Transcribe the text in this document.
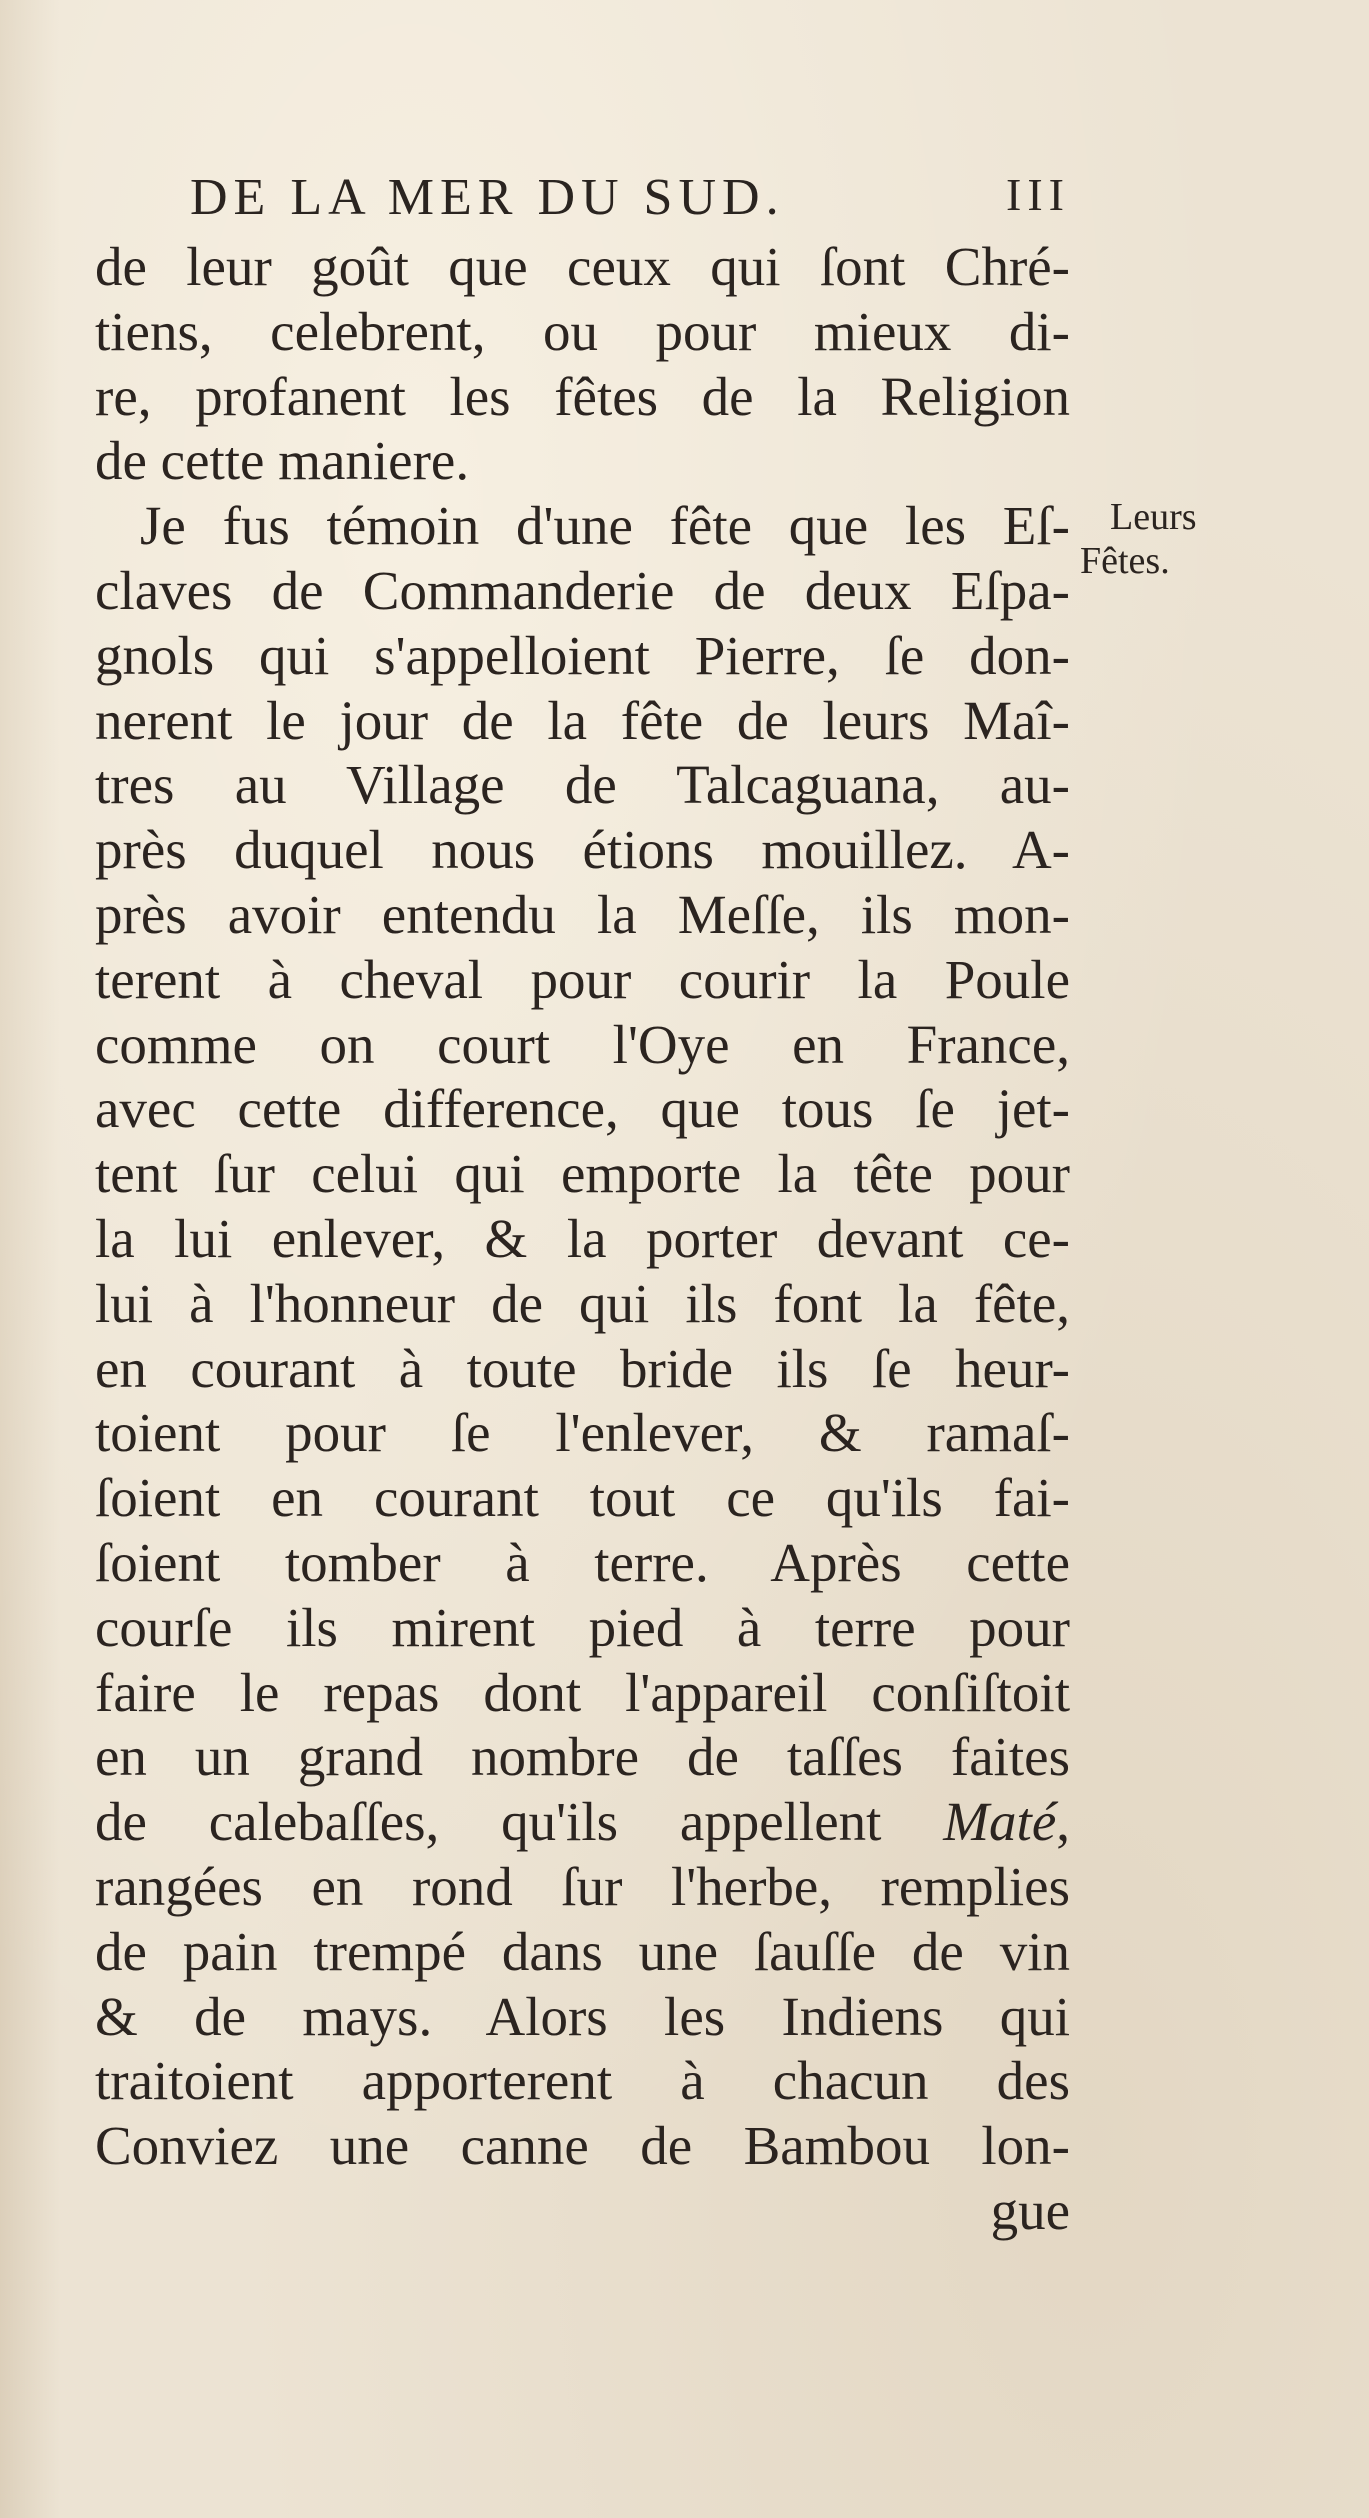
DE LA MER DU SUD.	III
Leurs
Fêtes.
de leur goût que ceux qui ſont Chré-
tiens, celebrent, ou pour mieux di-
re, profanent les fêtes de la Religion
de cette maniere.
Je fus témoin d'une fête que les Eſ-
claves de Commanderie de deux Eſpa-
gnols qui s'appelloient Pierre, ſe don-
nerent le jour de la fête de leurs Maî-
tres au Village de Talcaguana, au-
près duquel nous étions mouillez. A-
près avoir entendu la Meſſe, ils mon-
terent à cheval pour courir la Poule
comme on court l'Oye en France,
avec cette difference, que tous ſe jet-
tent ſur celui qui emporte la tête pour
la lui enlever, & la porter devant ce-
lui à l'honneur de qui ils font la fête,
en courant à toute bride ils ſe heur-
toient pour ſe l'enlever, & ramaſ-
ſoient en courant tout ce qu'ils fai-
ſoient tomber à terre. Après cette
courſe ils mirent pied à terre pour
faire le repas dont l'appareil conſiſtoit
en un grand nombre de taſſes faites
de calebaſſes, qu'ils appellent Maté,
rangées en rond ſur l'herbe, remplies
de pain trempé dans une ſauſſe de vin
& de mays. Alors les Indiens qui
traitoient apporterent à chacun des
Conviez une canne de Bambou lon-
gue
